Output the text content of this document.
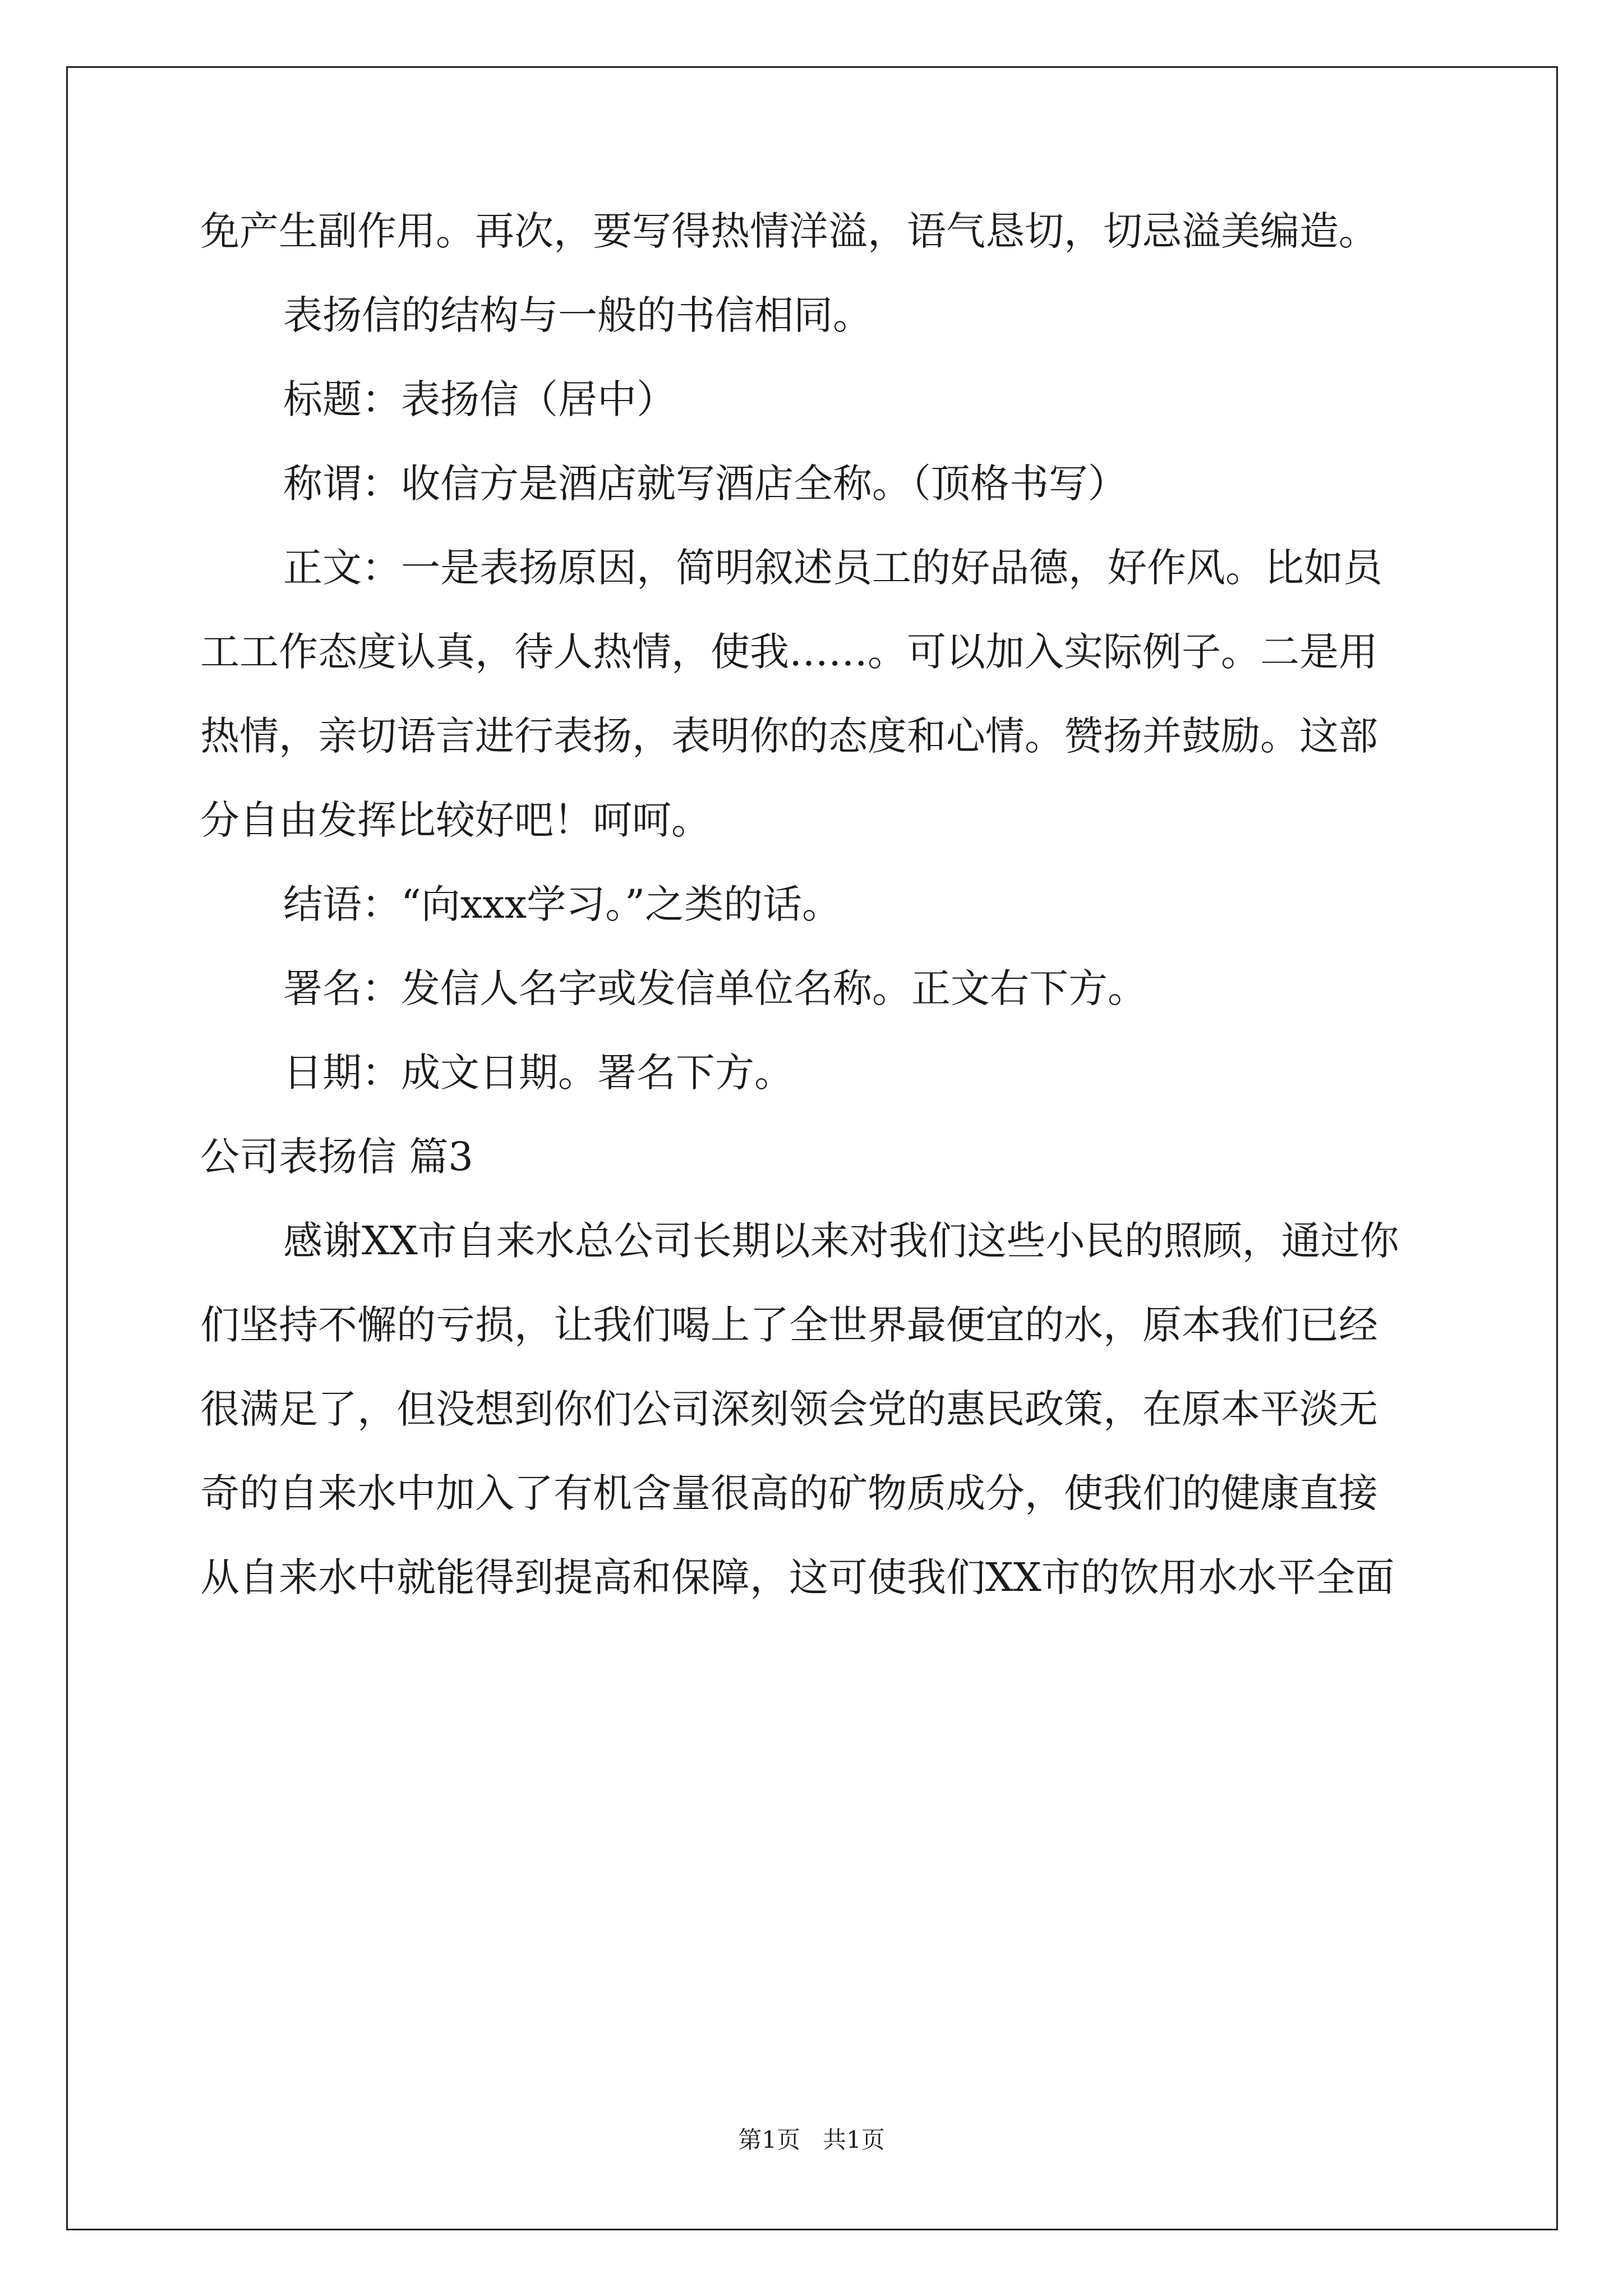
免产生副作用。再次，要写得热情洋溢，语气恳切，切忌溢美编造。
表扬信的结构与一般的书信相同。
标题：表扬信（居中）
称谓：收信方是酒店就写酒店全称。（顶格书写）
正文：一是表扬原因，简明叙述员工的好品德，好作风。比如员
工工作态度认真，待人热情，使我……。可以加入实际例子。二是用
热情，亲切语言进行表扬，表明你的态度和心情。赞扬并鼓励。这部
分自由发挥比较好吧！呵呵。
结语：“向xxx学习。”之类的话。
署名：发信人名字或发信单位名称。正文右下方。
日期：成文日期。署名下方。
公司表扬信 篇3
感谢XX市自来水总公司长期以来对我们这些小民的照顾，通过你
们坚持不懈的亏损，让我们喝上了全世界最便宜的水，原本我们已经
很满足了，但没想到你们公司深刻领会党的惠民政策，在原本平淡无
奇的自来水中加入了有机含量很高的矿物质成分，使我们的健康直接
从自来水中就能得到提高和保障，这可使我们XX市的饮用水水平全面
第1页   共1页
